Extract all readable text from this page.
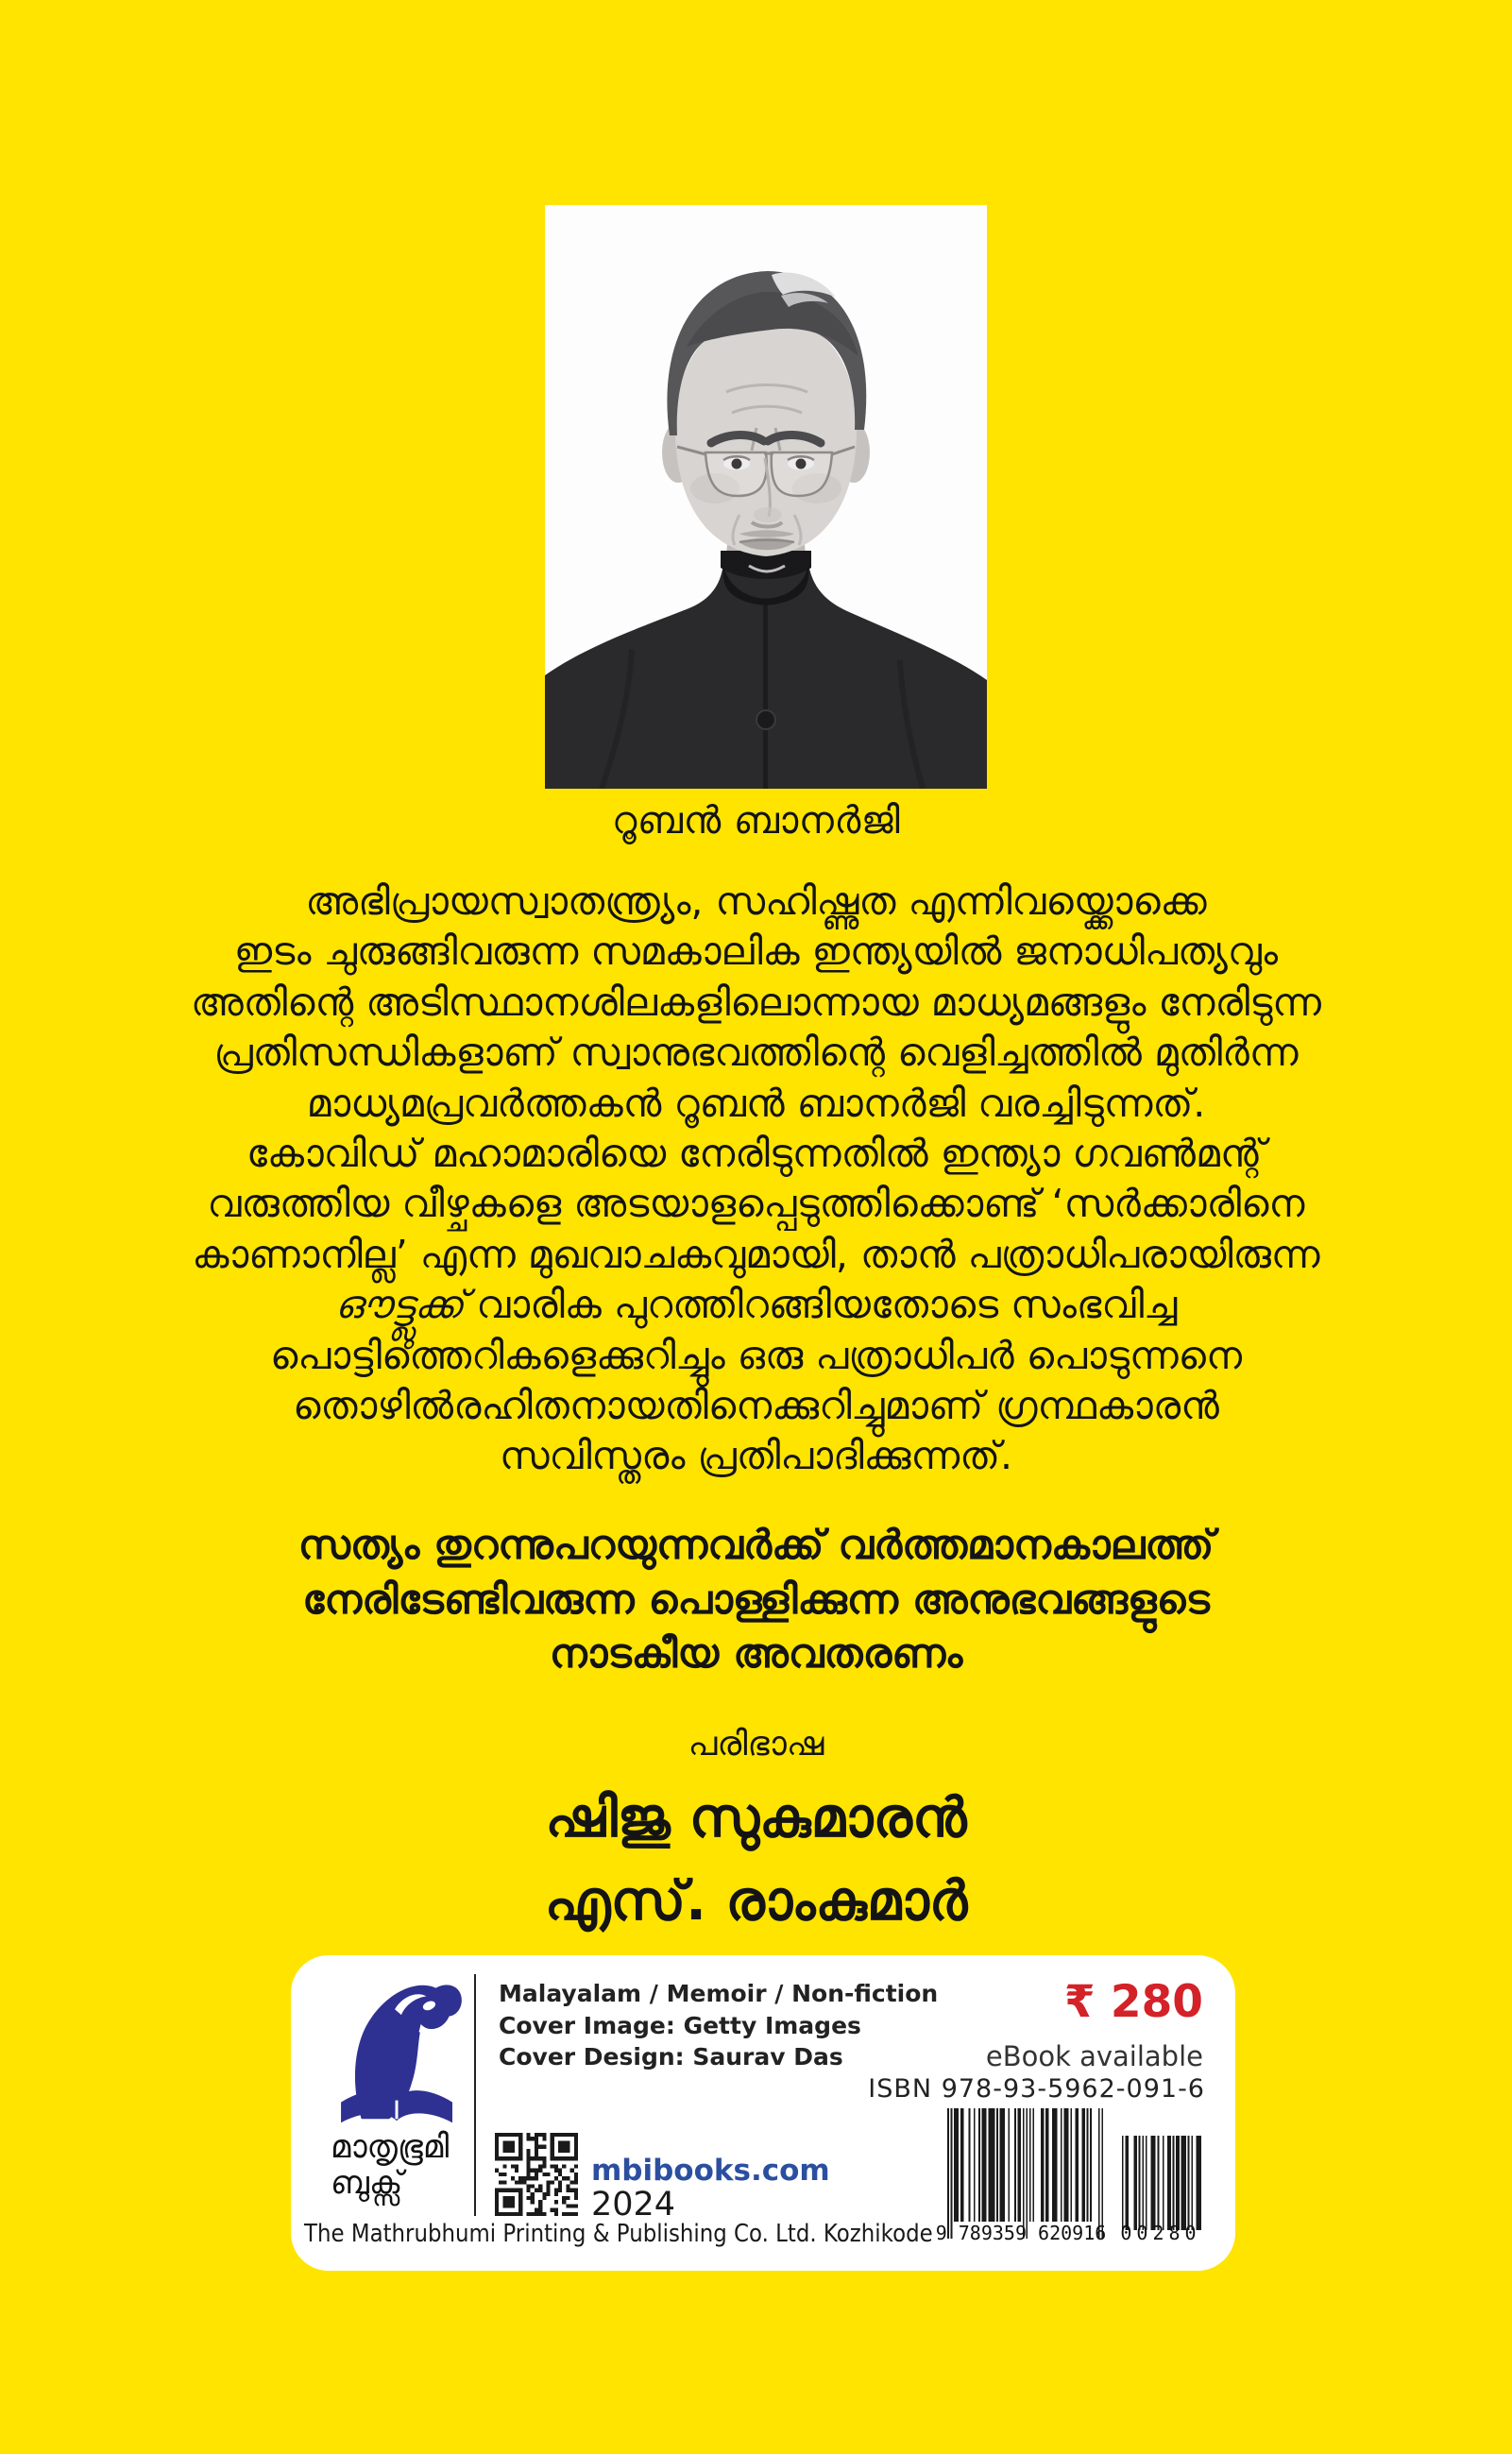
റൂബൻ ബാനർജി
അഭിപ്രായസ്വാതന്ത്ര്യം, സഹിഷ്ണുത എന്നിവയ്ക്കൊക്കെ
ഇടം ചുരുങ്ങിവരുന്ന സമകാലിക ഇന്ത്യയിൽ ജനാധിപത്യവും
അതിന്റെ അടിസ്ഥാനശിലകളിലൊന്നായ മാധ്യമങ്ങളും നേരിടുന്ന
പ്രതിസന്ധികളാണ് സ്വാനുഭവത്തിന്റെ വെളിച്ചത്തിൽ മുതിർന്ന
മാധ്യമപ്രവർത്തകൻ റൂബൻ ബാനർജി വരച്ചിടുന്നത്.
കോവിഡ് മഹാമാരിയെ നേരിടുന്നതിൽ ഇന്ത്യാ ഗവൺമന്റ്
വരുത്തിയ വീഴ്ചകളെ അടയാളപ്പെടുത്തിക്കൊണ്ട് ‘സർക്കാരിനെ
കാണാനില്ല’ എന്ന മുഖവാചകവുമായി, താൻ പത്രാധിപരായിരുന്ന
ഔട്ട്ലുക്ക് വാരിക പുറത്തിറങ്ങിയതോടെ സംഭവിച്ച
പൊട്ടിത്തെറികളെക്കുറിച്ചും ഒരു പത്രാധിപർ പൊടുന്നനെ
തൊഴിൽരഹിതനായതിനെക്കുറിച്ചുമാണ് ഗ്രന്ഥകാരൻ
സവിസ്തരം പ്രതിപാദിക്കുന്നത്.
സത്യം തുറന്നുപറയുന്നവർക്ക് വർത്തമാനകാലത്ത്
നേരിടേണ്ടിവരുന്ന പൊള്ളിക്കുന്ന അനുഭവങ്ങളുടെ
നാടകീയ അവതരണം
പരിഭാഷ
ഷിജു സുകുമാരൻ
എസ്. രാംകുമാർ
മാതൃഭൂമി
ബുക്സ്
Malayalam / Memoir / Non-fiction
Cover Image: Getty Images
Cover Design: Saurav Das
mbibooks.com
2024
The Mathrubhumi Printing & Publishing Co. Ltd. Kozhikode
₹ 280
eBook available
ISBN 978-93-5962-091-6
9 789359 620916 00280
